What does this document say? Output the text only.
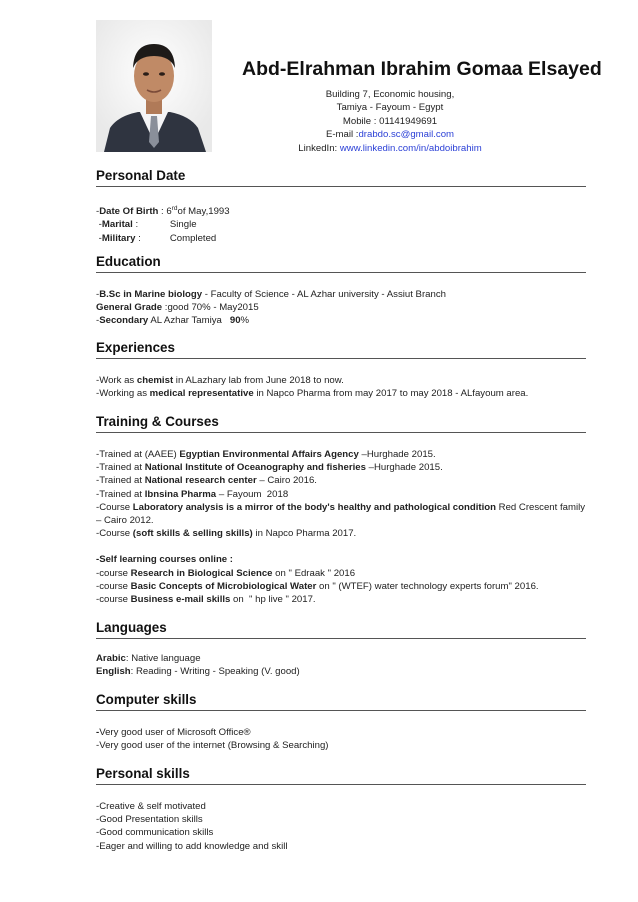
Abd-Elrahman Ibrahim Gomaa Elsayed
Building 7, Economic housing,
Tamiya - Fayoum - Egypt
Mobile : 01141949691
E-mail :drabdo.sc@gmail.com
LinkedIn: www.linkedin.com/in/abdoibrahim
Personal Date
-Date Of Birth : 6rdof May,1993
-Marital :	Single
-Military :	Completed
Education
-B.Sc in Marine biology - Faculty of Science - AL Azhar university - Assiut Branch
General Grade :good 70% - May2015
-Secondary AL Azhar Tamiya   90%
Experiences
-Work as chemist in ALazhary lab from June 2018 to now.
-Working as medical representative in Napco Pharma from may 2017 to may 2018 - ALfayoum area.
Training & Courses
-Trained at (AAEE) Egyptian Environmental Affairs Agency –Hurghade 2015.
-Trained at National Institute of Oceanography and fisheries –Hurghade 2015.
-Trained at National research center – Cairo 2016.
-Trained at Ibnsina Pharma – Fayoum  2018
-Course Laboratory analysis is a mirror of the body's healthy and pathological condition Red Crescent family – Cairo 2012.
-Course (soft skills & selling skills) in Napco Pharma 2017.
-Self learning courses online :
-course Research in Biological Science on " Edraak " 2016
-course Basic Concepts of Microbiological Water on " (WTEF) water technology experts forum" 2016.
-course Business e-mail skills on  " hp live " 2017.
Languages
Arabic: Native language
English: Reading - Writing - Speaking (V. good)
Computer skills
-Very good user of Microsoft Office®
-Very good user of the internet (Browsing & Searching)
Personal skills
-Creative & self motivated
-Good Presentation skills
-Good communication skills
-Eager and willing to add knowledge and skill
